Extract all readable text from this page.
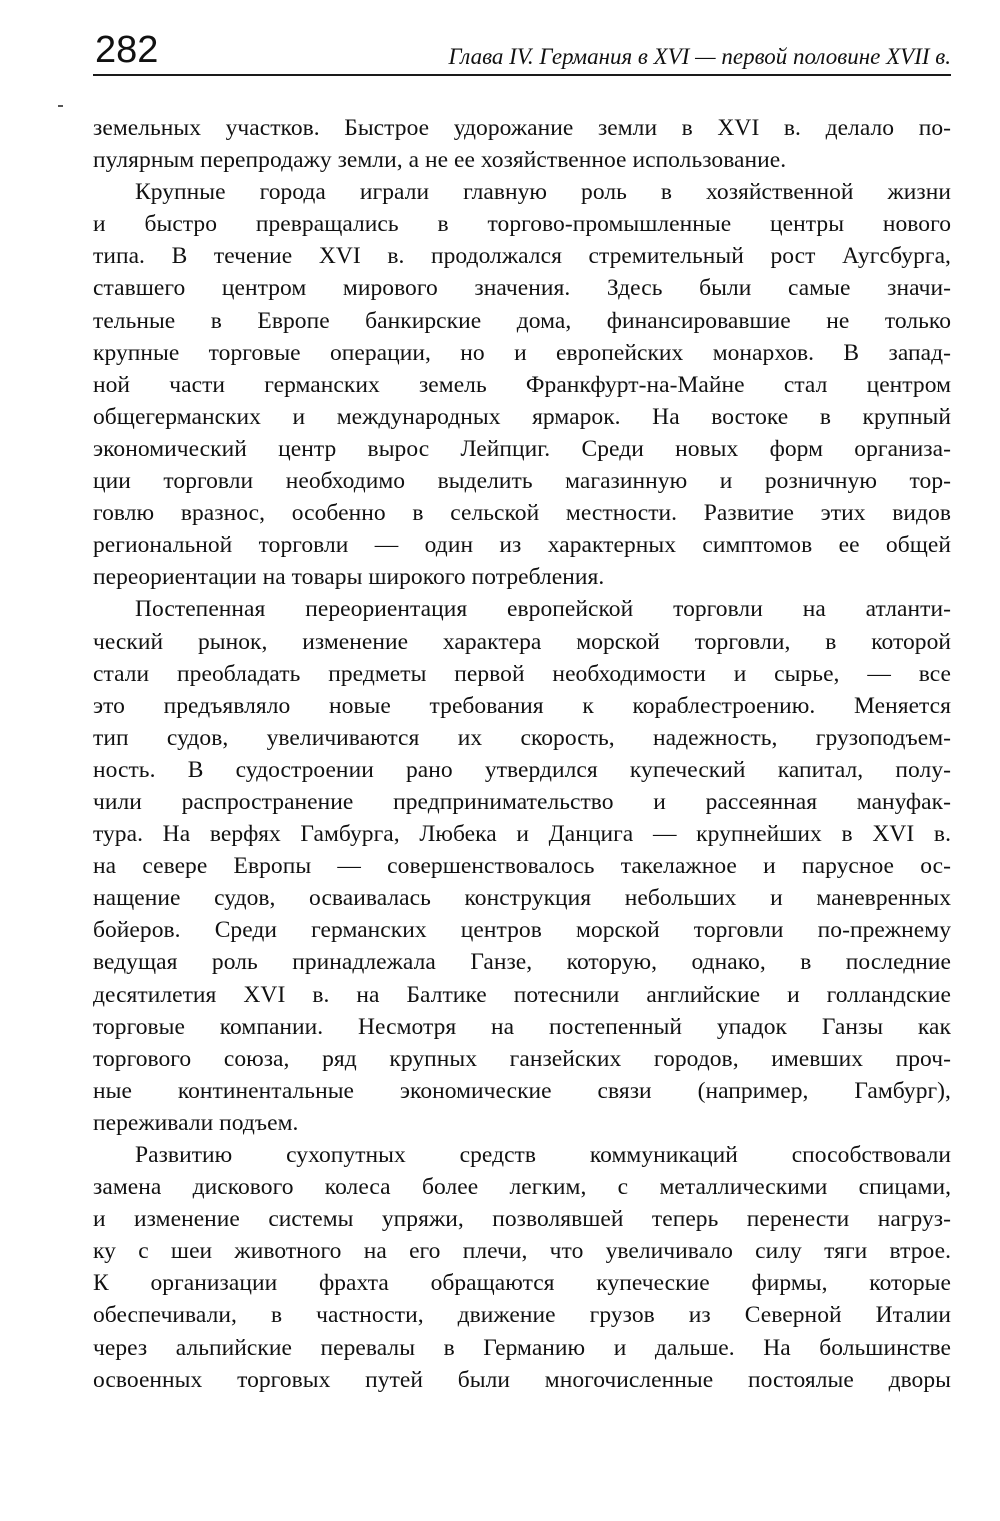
282	Глава IV. Германия в XVI — первой половине XVII в.
земельных участков. Быстрое удорожание земли в XVI в. делало по-
пулярным перепродажу земли, а не ее хозяйственное использование.
Крупные города играли главную роль в хозяйственной жизни
и быстро превращались в торгово-промышленные центры нового
типа. В течение XVI в. продолжался стремительный рост Аугсбурга,
ставшего центром мирового значения. Здесь были самые значи-
тельные в Европе банкирские дома, финансировавшие не только
крупные торговые операции, но и европейских монархов. В запад-
ной части германских земель Франкфурт-на-Майне стал центром
общегерманских и международных ярмарок. На востоке в крупный
экономический центр вырос Лейпциг. Среди новых форм организа-
ции торговли необходимо выделить магазинную и розничную тор-
говлю вразнос, особенно в сельской местности. Развитие этих видов
региональной торговли — один из характерных симптомов ее общей
переориентации на товары широкого потребления.
Постепенная переориентация европейской торговли на атланти-
ческий рынок, изменение характера морской торговли, в которой
стали преобладать предметы первой необходимости и сырье, — все
это предъявляло новые требования к кораблестроению. Меняется
тип судов, увеличиваются их скорость, надежность, грузоподъем-
ность. В судостроении рано утвердился купеческий капитал, полу-
чили распространение предпринимательство и рассеянная мануфак-
тура. На верфях Гамбурга, Любека и Данцига — крупнейших в XVI в.
на севере Европы — совершенствовалось такелажное и парусное ос-
нащение судов, осваивалась конструкция небольших и маневренных
бойеров. Среди германских центров морской торговли по-прежнему
ведущая роль принадлежала Ганзе, которую, однако, в последние
десятилетия XVI в. на Балтике потеснили английские и голландские
торговые компании. Несмотря на постепенный упадок Ганзы как
торгового союза, ряд крупных ганзейских городов, имевших проч-
ные континентальные экономические связи (например, Гамбург),
переживали подъем.
Развитию сухопутных средств коммуникаций способствовали
замена дискового колеса более легким, с металлическими спицами,
и изменение системы упряжи, позволявшей теперь перенести нагруз-
ку с шеи животного на его плечи, что увеличивало силу тяги втрое.
К организации фрахта обращаются купеческие фирмы, которые
обеспечивали, в частности, движение грузов из Северной Италии
через альпийские перевалы в Германию и дальше. На большинстве
освоенных торговых путей были многочисленные постоялые дворы
